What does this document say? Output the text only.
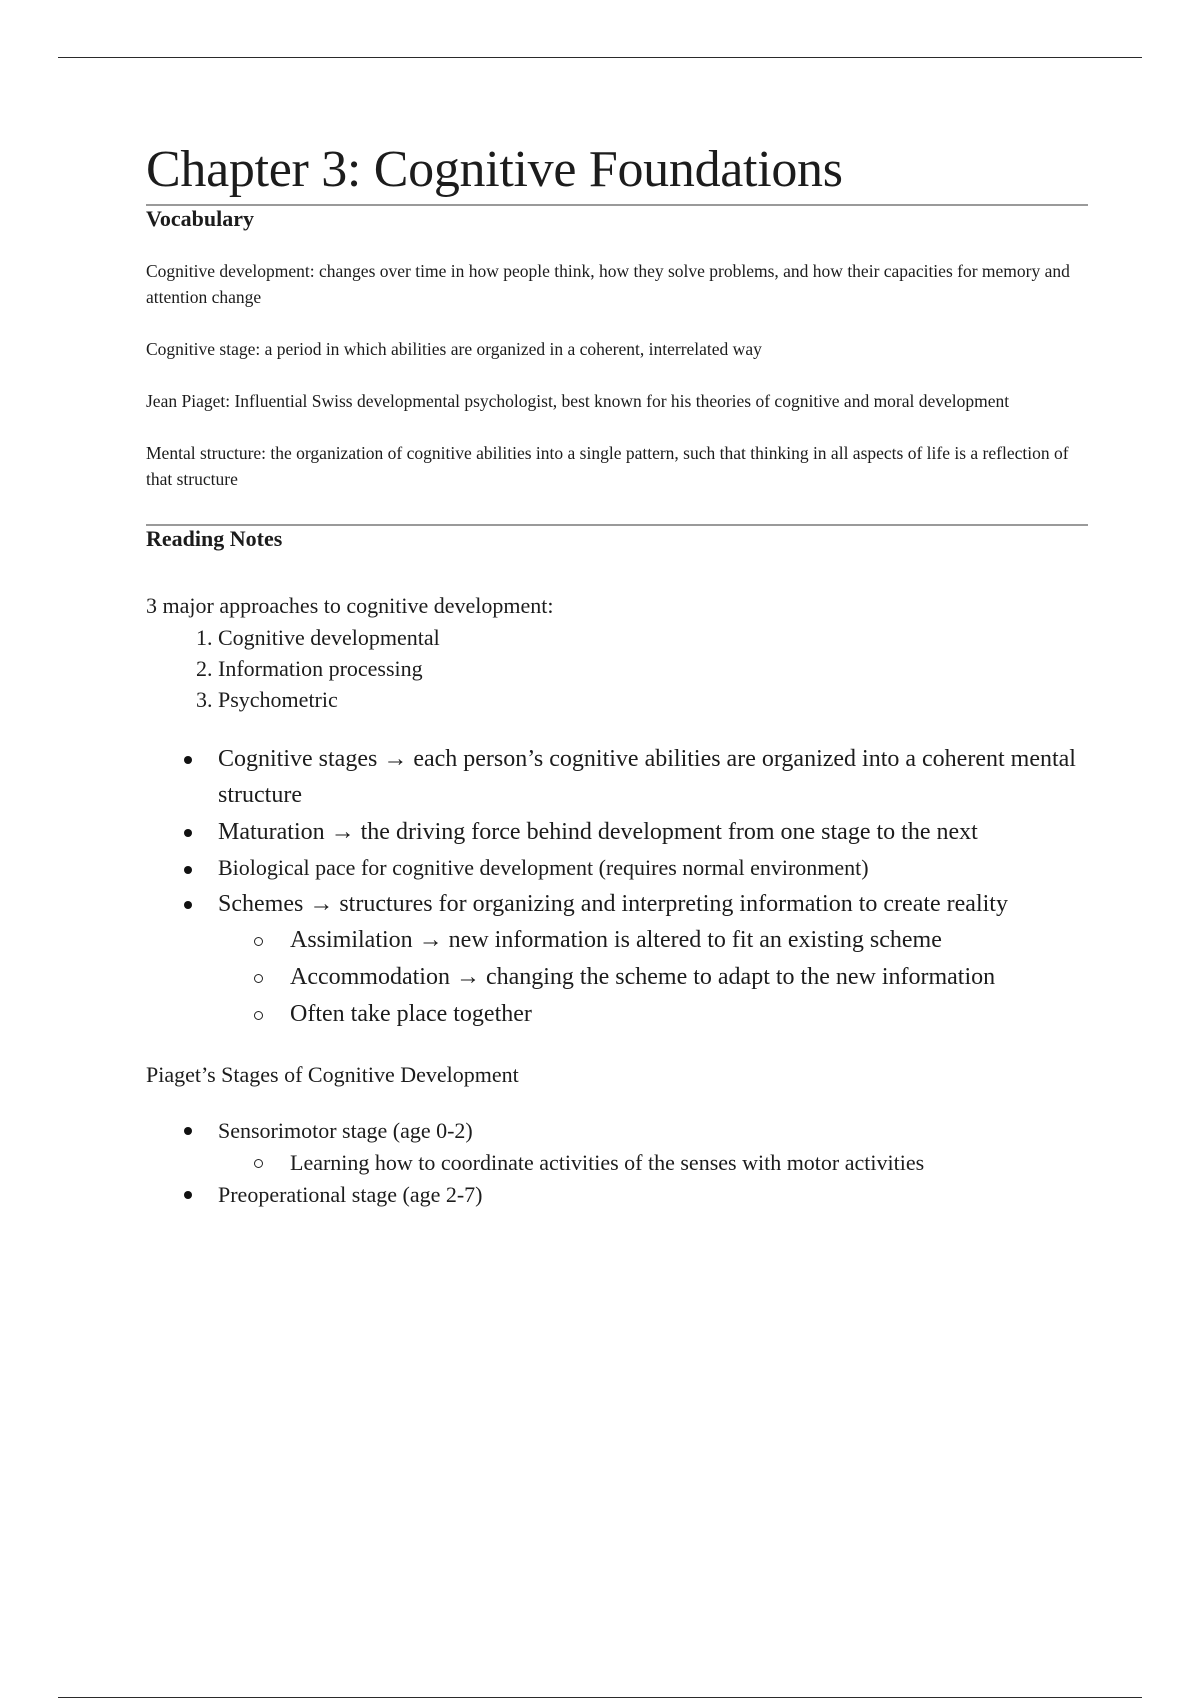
Chapter 3: Cognitive Foundations
Vocabulary

Cognitive development: changes over time in how people think, how they solve problems, and how their capacities for memory and attention change

Cognitive stage: a period in which abilities are organized in a coherent, interrelated way

Jean Piaget: Influential Swiss developmental psychologist, best known for his theories of cognitive and moral development

Mental structure: the organization of cognitive abilities into a single pattern, such that thinking in all aspects of life is a reflection of that structure

Reading Notes
3 major approaches to cognitive development:
1. Cognitive developmental
2. Information processing
3. Psychometric
Cognitive stages → each person’s cognitive abilities are organized into a coherent mental structure
Maturation → the driving force behind development from one stage to the next
Biological pace for cognitive development (requires normal environment)
Schemes → structures for organizing and interpreting information to create reality
Assimilation → new information is altered to fit an existing scheme
Accommodation → changing the scheme to adapt to the new information
Often take place together
Piaget’s Stages of Cognitive Development
Sensorimotor stage (age 0-2)
Learning how to coordinate activities of the senses with motor activities
Preoperational stage (age 2-7)
